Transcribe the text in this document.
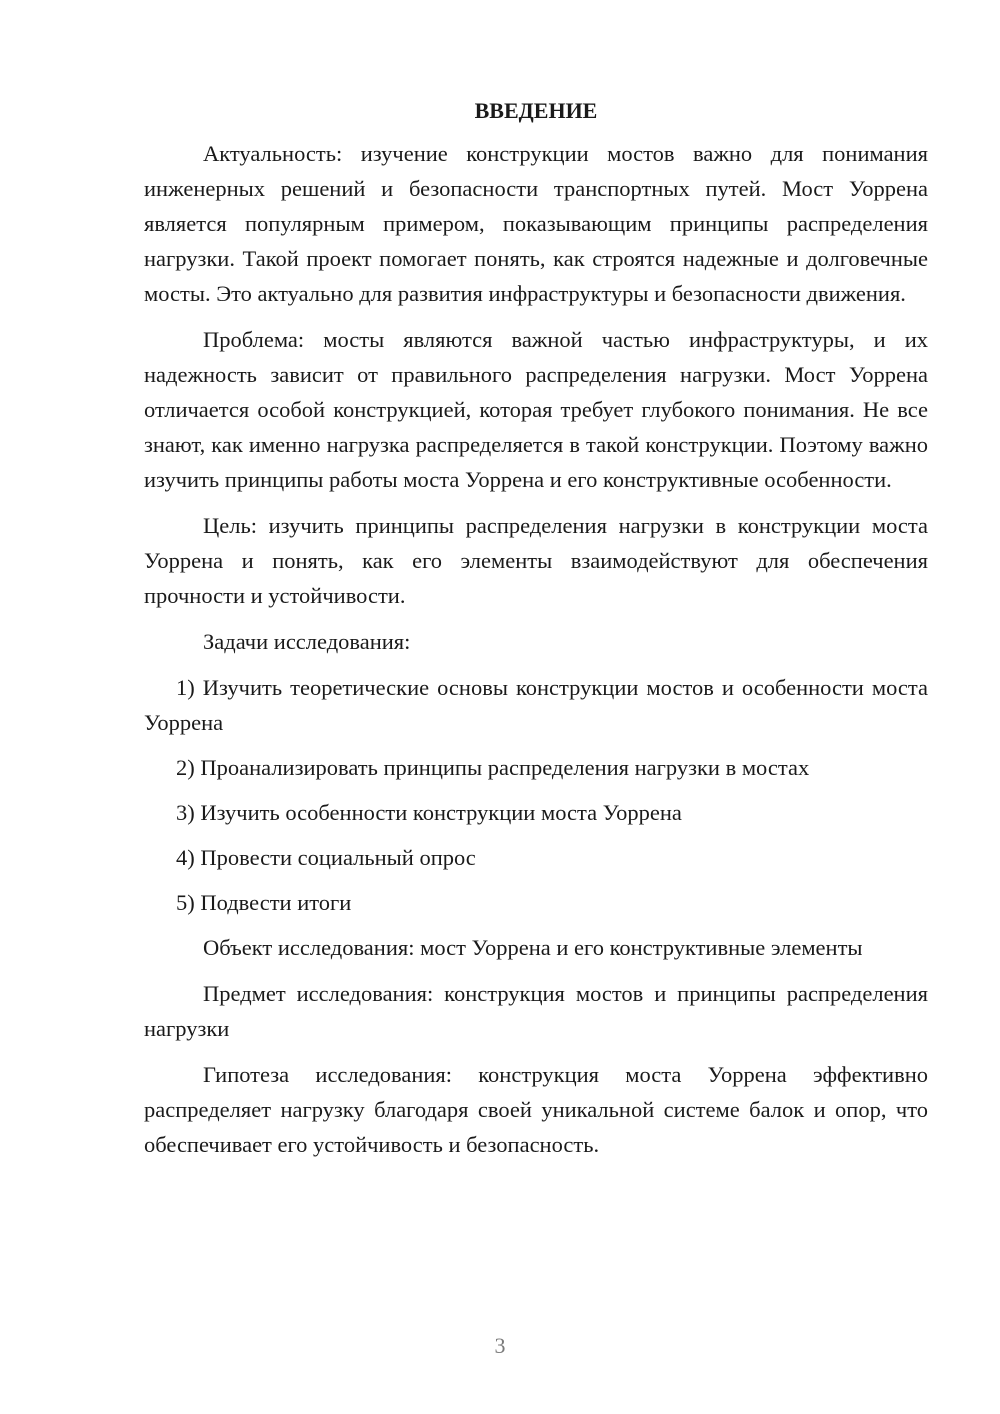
ВВЕДЕНИЕ

Актуальность: изучение конструкции мостов важно для понимания инженерных решений и безопасности транспортных путей. Мост Уоррена является популярным примером, показывающим принципы распределения нагрузки. Такой проект помогает понять, как строятся надежные и долговечные мосты. Это актуально для развития инфраструктуры и безопасности движения.

Проблема: мосты являются важной частью инфраструктуры, и их надежность зависит от правильного распределения нагрузки. Мост Уоррена отличается особой конструкцией, которая требует глубокого понимания. Не все знают, как именно нагрузка распределяется в такой конструкции. Поэтому важно изучить принципы работы моста Уоррена и его конструктивные особенности.

Цель: изучить принципы распределения нагрузки в конструкции моста Уоррена и понять, как его элементы взаимодействуют для обеспечения прочности и устойчивости.

Задачи исследования:

1) Изучить теоретические основы конструкции мостов и особенности моста Уоррена

2) Проанализировать принципы распределения нагрузки в мостах

3) Изучить особенности конструкции моста Уоррена

4) Провести социальный опрос

5) Подвести итоги

Объект исследования: мост Уоррена и его конструктивные элементы

Предмет исследования: конструкция мостов и принципы распределения нагрузки

Гипотеза исследования: конструкция моста Уоррена эффективно распределяет нагрузку благодаря своей уникальной системе балок и опор, что обеспечивает его устойчивость и безопасность.

3
